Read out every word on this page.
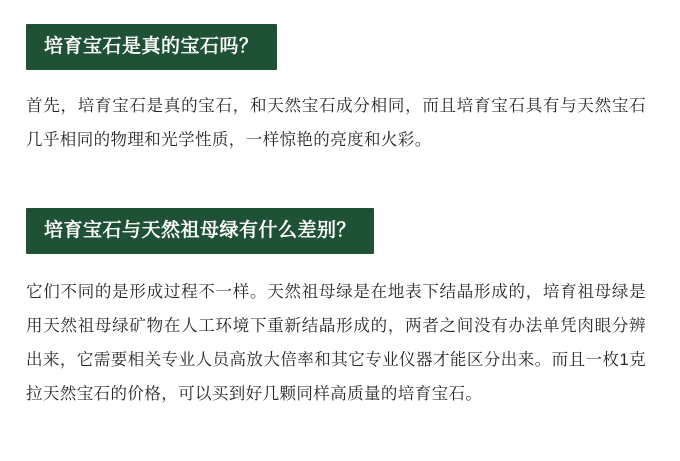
培育宝石是真的宝石吗？

首先，培育宝石是真的宝石，和天然宝石成分相同，而且培育宝石具有与天然宝石几乎相同的物理和光学性质，一样惊艳的亮度和火彩。

培育宝石与天然祖母绿有什么差别？

它们不同的是形成过程不一样。天然祖母绿是在地表下结晶形成的，培育祖母绿是用天然祖母绿矿物在人工环境下重新结晶形成的，两者之间没有办法单凭肉眼分辨出来，它需要相关专业人员高放大倍率和其它专业仪器才能区分出来。而且一枚1克拉天然宝石的价格，可以买到好几颗同样高质量的培育宝石。
